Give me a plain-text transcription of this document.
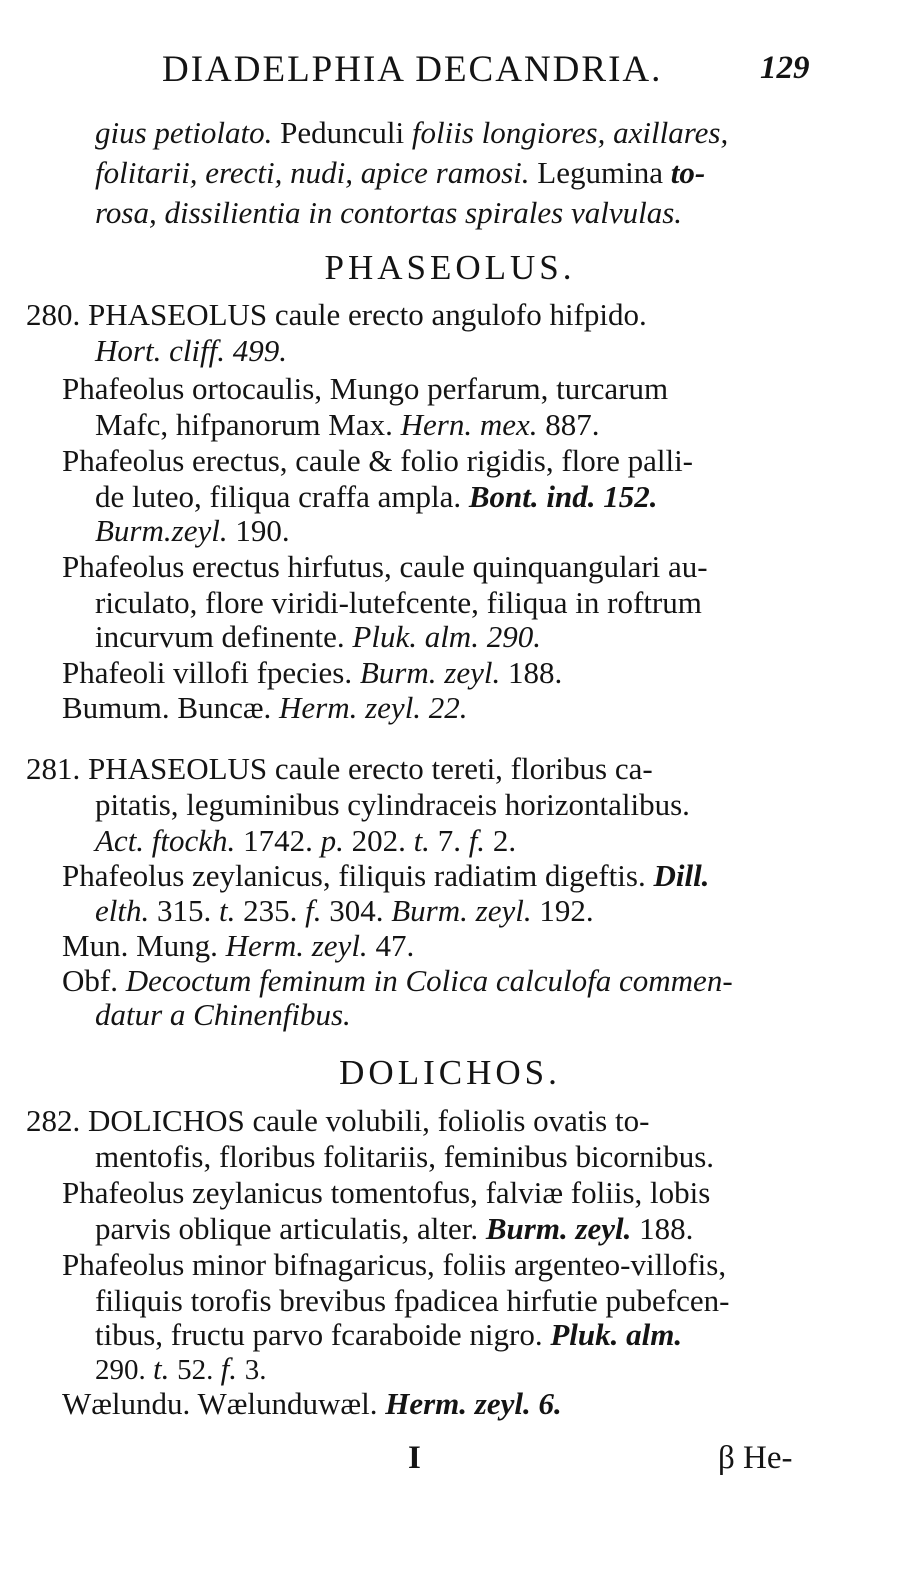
DIADELPHIA DECANDRIA.	129
gius petiolato. Pedunculi foliis longiores, axillares,
folitarii, erecti, nudi, apice ramosi. Legumina to-
rosa, dissilientia in contortas spirales valvulas.
PHASEOLUS.
280. PHASEOLUS caule erecto angulofo hifpido.
Hort. cliff. 499.
Phafeolus ortocaulis, Mungo perfarum, turcarum
Mafc, hifpanorum Max. Hern. mex. 887.
Phafeolus erectus, caule & folio rigidis, flore palli-
de luteo, filiqua craffa ampla. Bont. ind. 152.
Burm.zeyl. 190.
Phafeolus erectus hirfutus, caule quinquangulari au-
riculato, flore viridi-lutefcente, filiqua in roftrum
incurvum definente. Pluk. alm. 290.
Phafeoli villofi fpecies. Burm. zeyl. 188.
Bumum. Buncæ. Herm. zeyl. 22.
281. PHASEOLUS caule erecto tereti, floribus ca-
pitatis, leguminibus cylindraceis horizontalibus.
Act. ftockh. 1742. p. 202. t. 7. f. 2.
Phafeolus zeylanicus, filiquis radiatim digeftis. Dill.
elth. 315. t. 235. f. 304. Burm. zeyl. 192.
Mun. Mung. Herm. zeyl. 47.
Obf. Decoctum feminum in Colica calculofa commen-
datur a Chinenfibus.
DOLICHOS.
282. DOLICHOS caule volubili, foliolis ovatis to-
mentofis, floribus folitariis, feminibus bicornibus.
Phafeolus zeylanicus tomentofus, falviæ foliis, lobis
parvis oblique articulatis, alter. Burm. zeyl. 188.
Phafeolus minor bifnagaricus, foliis argenteo-villofis,
filiquis torofis brevibus fpadicea hirfutie pubefcen-
tibus, fructu parvo fcaraboide nigro. Pluk. alm.
290. t. 52. f. 3.
Wælundu. Wælunduwæl. Herm. zeyl. 6.
I	β He-
